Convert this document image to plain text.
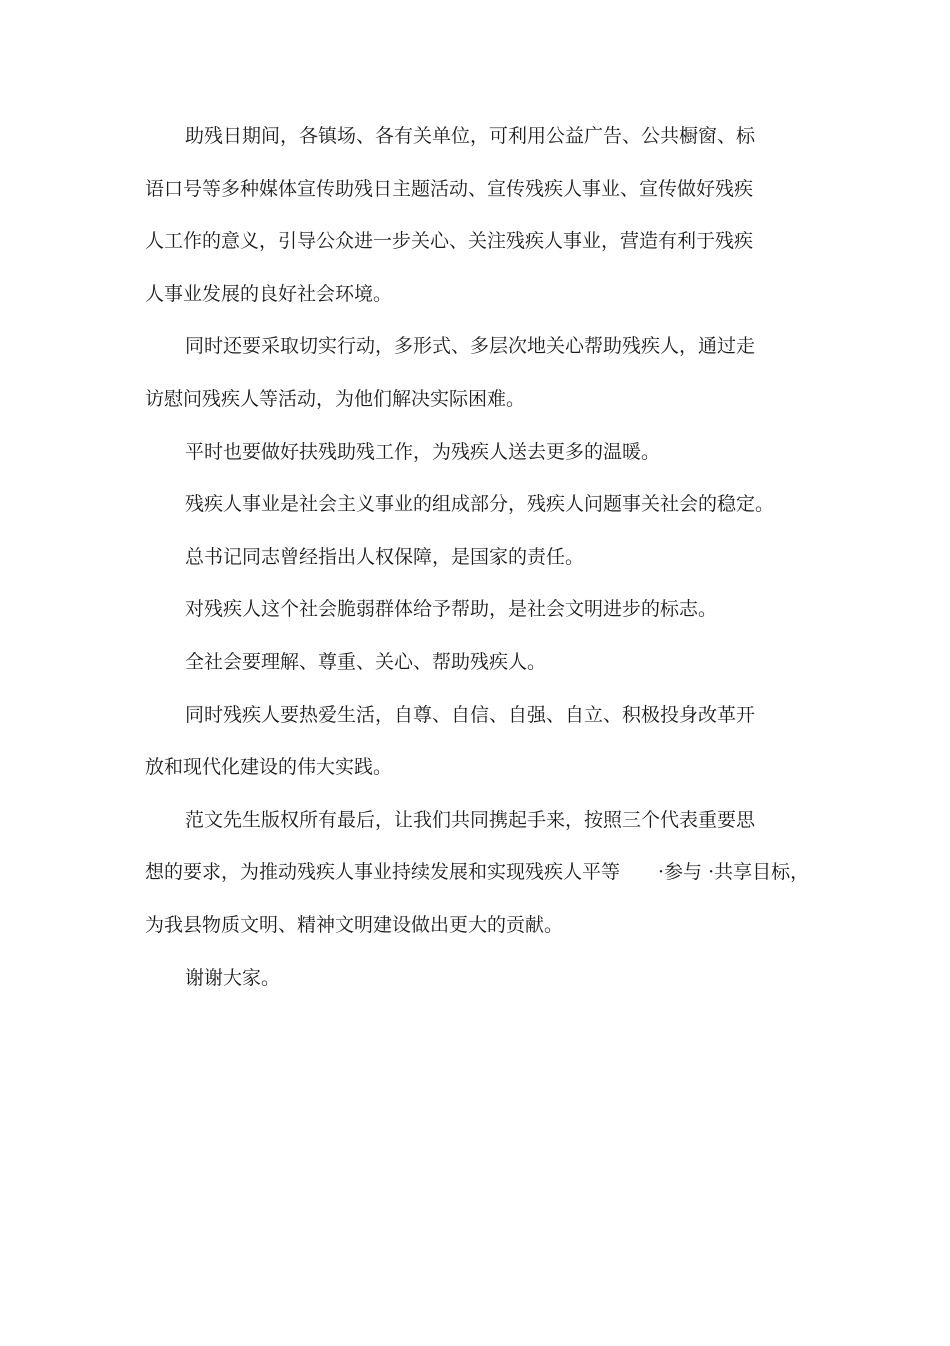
助残日期间，各镇场、各有关单位，可利用公益广告、公共橱窗、标
语口号等多种媒体宣传助残日主题活动、宣传残疾人事业、宣传做好残疾
人工作的意义，引导公众进一步关心、关注残疾人事业，营造有利于残疾
人事业发展的良好社会环境。
同时还要采取切实行动，多形式、多层次地关心帮助残疾人，通过走
访慰问残疾人等活动，为他们解决实际困难。
平时也要做好扶残助残工作，为残疾人送去更多的温暖。
残疾人事业是社会主义事业的组成部分，残疾人问题事关社会的稳定。
总书记同志曾经指出人权保障，是国家的责任。
对残疾人这个社会脆弱群体给予帮助，是社会文明进步的标志。
全社会要理解、尊重、关心、帮助残疾人。
同时残疾人要热爱生活，自尊、自信、自强、自立、积极投身改革开
放和现代化建设的伟大实践。
范文先生版权所有最后，让我们共同携起手来，按照三个代表重要思
想的要求，为推动残疾人事业持续发展和实现残疾人平等　　·参与 ·共享目标，
为我县物质文明、精神文明建设做出更大的贡献。
谢谢大家。
